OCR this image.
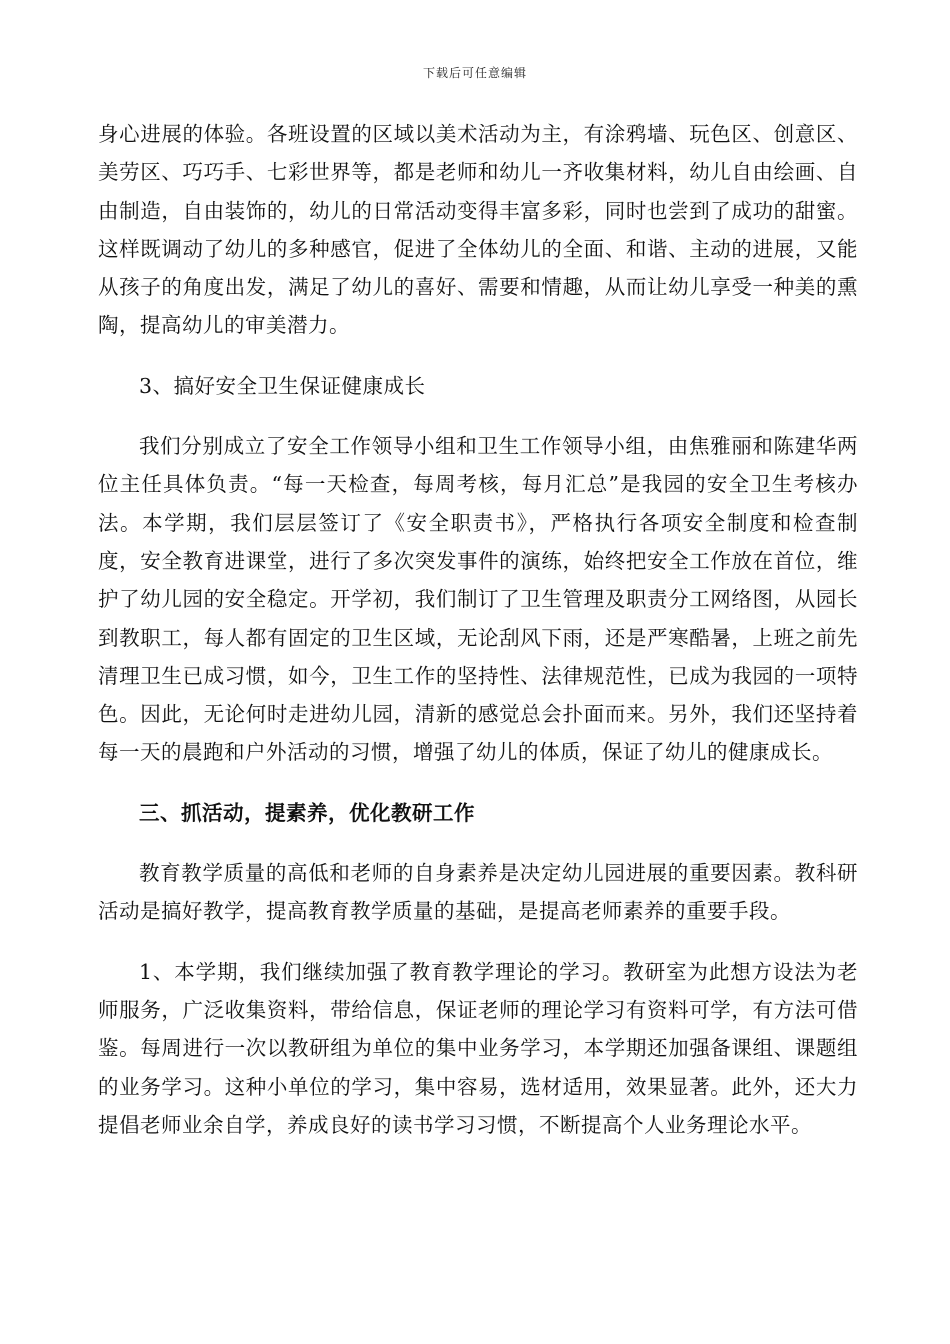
下载后可任意编辑

身心进展的体验。各班设置的区域以美术活动为主，有涂鸦墙、玩色区、创意区、美劳区、巧巧手、七彩世界等，都是老师和幼儿一齐收集材料，幼儿自由绘画、自由制造，自由装饰的，幼儿的日常活动变得丰富多彩，同时也尝到了成功的甜蜜。这样既调动了幼儿的多种感官，促进了全体幼儿的全面、和谐、主动的进展，又能从孩子的角度出发，满足了幼儿的喜好、需要和情趣，从而让幼儿享受一种美的熏陶，提高幼儿的审美潜力。

3、搞好安全卫生保证健康成长

我们分别成立了安全工作领导小组和卫生工作领导小组，由焦雅丽和陈建华两位主任具体负责。“每一天检查，每周考核，每月汇总”是我园的安全卫生考核办法。本学期，我们层层签订了《安全职责书》，严格执行各项安全制度和检查制度，安全教育进课堂，进行了多次突发事件的演练，始终把安全工作放在首位，维护了幼儿园的安全稳定。开学初，我们制订了卫生管理及职责分工网络图，从园长到教职工，每人都有固定的卫生区域，无论刮风下雨，还是严寒酷暑，上班之前先清理卫生已成习惯，如今，卫生工作的坚持性、法律规范性，已成为我园的一项特色。因此，无论何时走进幼儿园，清新的感觉总会扑面而来。另外，我们还坚持着每一天的晨跑和户外活动的习惯，增强了幼儿的体质，保证了幼儿的健康成长。

三、抓活动，提素养，优化教研工作

教育教学质量的高低和老师的自身素养是决定幼儿园进展的重要因素。教科研活动是搞好教学，提高教育教学质量的基础，是提高老师素养的重要手段。

1、本学期，我们继续加强了教育教学理论的学习。教研室为此想方设法为老师服务，广泛收集资料，带给信息，保证老师的理论学习有资料可学，有方法可借鉴。每周进行一次以教研组为单位的集中业务学习，本学期还加强备课组、课题组的业务学习。这种小单位的学习，集中容易，选材适用，效果显著。此外，还大力提倡老师业余自学，养成良好的读书学习习惯，不断提高个人业务理论水平。
